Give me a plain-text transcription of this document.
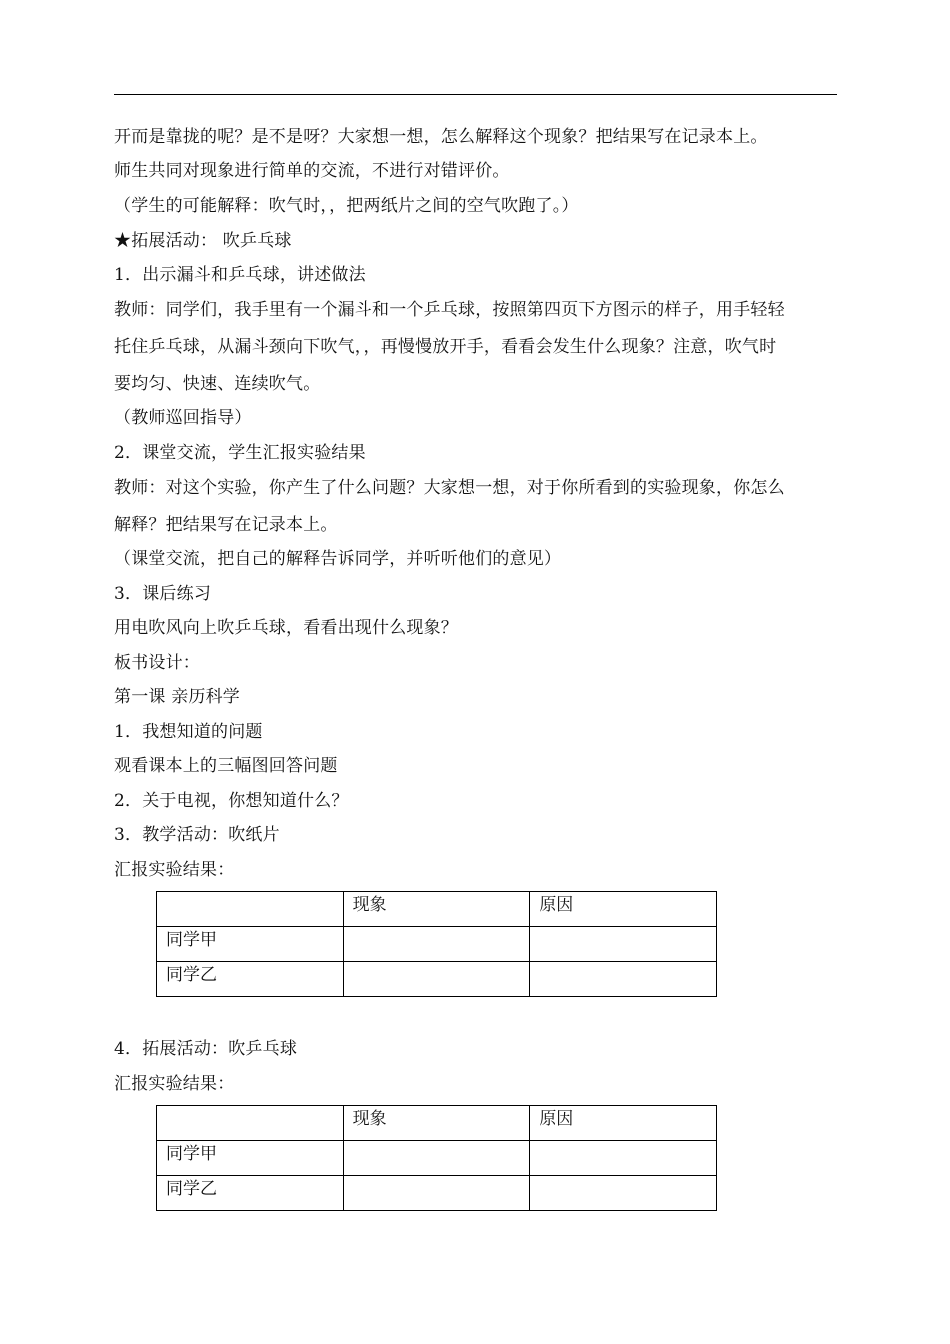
开而是靠拢的呢？是不是呀？大家想一想，怎么解释这个现象？把结果写在记录本上。
师生共同对现象进行简单的交流，不进行对错评价。
（学生的可能解释：吹气时，，把两纸片之间的空气吹跑了。）
★拓展活动： 吹乒乓球
1．出示漏斗和乒乓球，讲述做法
教师：同学们，我手里有一个漏斗和一个乒乓球，按照第四页下方图示的样子，用手轻轻
托住乒乓球，从漏斗颈向下吹气，，再慢慢放开手，看看会发生什么现象？注意，吹气时
要均匀、快速、连续吹气。
（教师巡回指导）
2．课堂交流，学生汇报实验结果
教师：对这个实验，你产生了什么问题？大家想一想，对于你所看到的实验现象，你怎么
解释？把结果写在记录本上。
（课堂交流，把自己的解释告诉同学，并听听他们的意见）
3．课后练习
用电吹风向上吹乒乓球，看看出现什么现象？
板书设计：
第一课 亲历科学
1．我想知道的问题
观看课本上的三幅图回答问题
2．关于电视，你想知道什么？
3．教学活动：吹纸片
汇报实验结果：
	现象	原因
同学甲		
同学乙		
4．拓展活动：吹乒乓球
汇报实验结果：
	现象	原因
同学甲		
同学乙		
